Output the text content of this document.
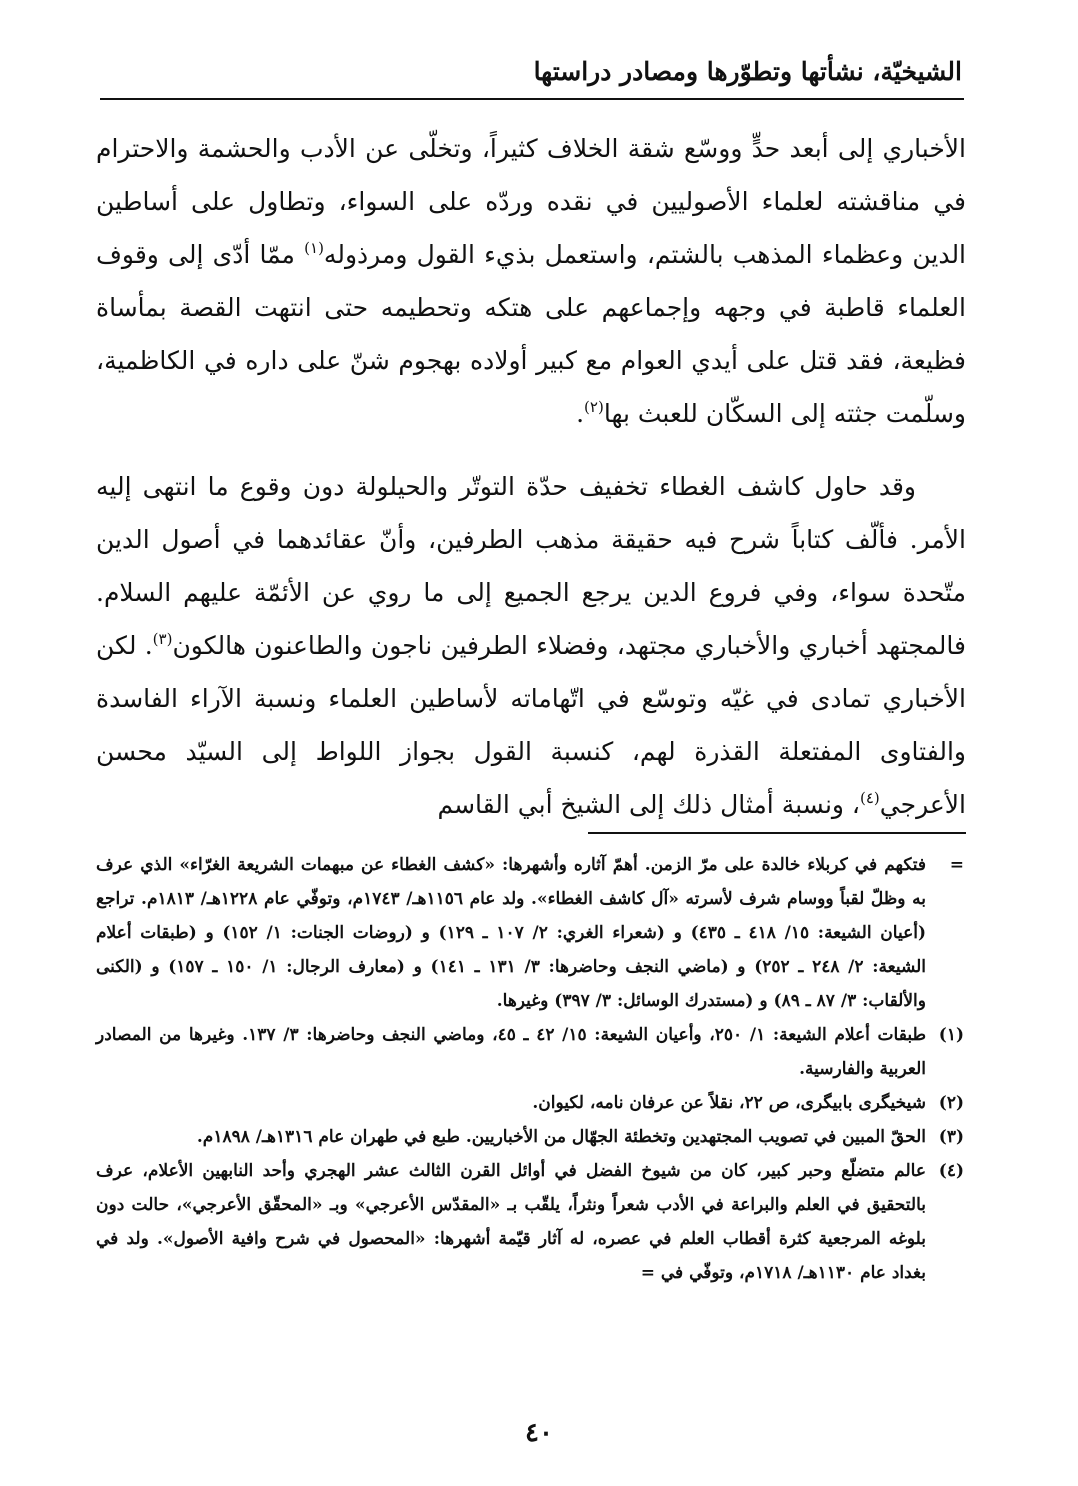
الشيخيّة، نشأتها وتطوّرها ومصادر دراستها

الأخباري إلى أبعد حدٍّ ووسّع شقة الخلاف كثيراً، وتخلّى عن الأدب والحشمة والاحترام في مناقشته لعلماء الأصوليين في نقده وردّه على السواء، وتطاول على أساطين الدين وعظماء المذهب بالشتم، واستعمل بذيء القول ومرذوله$^{(١)}$ ممّا أدّى إلى وقوف العلماء قاطبة في وجهه وإجماعهم على هتكه وتحطيمه حتى انتهت القصة بمأساة فظيعة، فقد قتل على أيدي العوام مع كبير أولاده بهجوم شنّ على داره في الكاظمية، وسلّمت جثته إلى السكّان للعبث بها$^{(٢)}$.

وقد حاول كاشف الغطاء تخفيف حدّة التوتّر والحيلولة دون وقوع ما انتهى إليه الأمر. فألّف كتاباً شرح فيه حقيقة مذهب الطرفين، وأنّ عقائدهما في أصول الدين متّحدة سواء، وفي فروع الدين يرجع الجميع إلى ما روي عن الأئمّة عليهم السلام. فالمجتهد أخباري والأخباري مجتهد، وفضلاء الطرفين ناجون والطاعنون هالكون$^{(٣)}$. لكن الأخباري تمادى في غيّه وتوسّع في اتّهاماته لأساطين العلماء ونسبة الآراء الفاسدة والفتاوى المفتعلة القذرة لهم، كنسبة القول بجواز اللواط إلى السيّد محسن الأعرجي$^{(٤)}$، ونسبة أمثال ذلك إلى الشيخ أبي القاسم

=
فتكهم في كربلاء خالدة على مرّ الزمن. أهمّ آثاره وأشهرها: «كشف الغطاء عن مبهمات الشريعة الغرّاء» الذي عرف به وظلّ لقباً ووسام شرف لأسرته «آل كاشف الغطاء». ولد عام ١١٥٦هـ/ ١٧٤٣م، وتوفّي عام ١٢٢٨هـ/ ١٨١٣م. تراجع (أعيان الشيعة: ١٥/ ٤١٨ ـ ٤٣٥) و (شعراء الغري: ٢/ ١٠٧ ـ ١٢٩) و (روضات الجنات: ١/ ١٥٢) و (طبقات أعلام الشيعة: ٢/ ٢٤٨ ـ ٢٥٢) و (ماضي النجف وحاضرها: ٣/ ١٣١ ـ ١٤١) و (معارف الرجال: ١/ ١٥٠ ـ ١٥٧) و (الكنى والألقاب: ٣/ ٨٧ ـ ٨٩) و (مستدرك الوسائل: ٣/ ٣٩٧) وغيرها.

(١)
طبقات أعلام الشيعة: ١/ ٢٥٠، وأعيان الشيعة: ١٥/ ٤٢ ـ ٤٥، وماضي النجف وحاضرها: ٣/ ١٣٧. وغيرها من المصادر العربية والفارسية.

(٢)
شيخيگرى بابيگرى، ص ٢٢، نقلاً عن عرفان نامه، لكيوان.

(٣)
الحقّ المبين في تصويب المجتهدين وتخطئة الجهّال من الأخباريين. طبع في طهران عام ١٣١٦هـ/ ١٨٩٨م.

(٤)
عالم متضلّع وحبر كبير، كان من شيوخ الفضل في أوائل القرن الثالث عشر الهجري وأحد النابهين الأعلام، عرف بالتحقيق في العلم والبراعة في الأدب شعراً ونثراً، يلقّب بـ «المقدّس الأعرجي» وبـ «المحقّق الأعرجي»، حالت دون بلوغه المرجعية كثرة أقطاب العلم في عصره، له آثار قيّمة أشهرها: «المحصول في شرح وافية الأصول». ولد في بغداد عام ١١٣٠هـ/ ١٧١٨م، وتوفّي في =

٤٠
